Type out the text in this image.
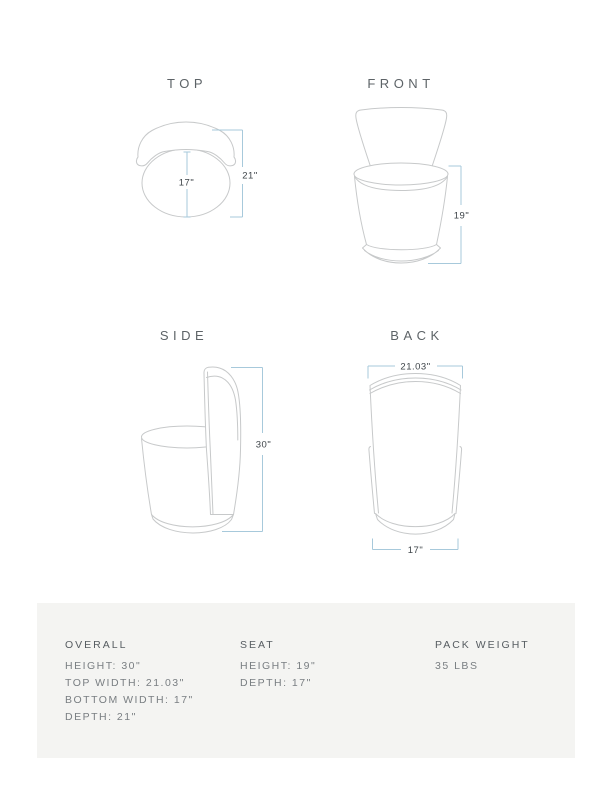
TOP	FRONT
SIDE	BACK
17"
21"
19"
30"
21.03"
17"
OVERALL
HEIGHT: 30"
TOP WIDTH: 21.03"
BOTTOM WIDTH: 17"
DEPTH: 21"
SEAT
HEIGHT: 19"
DEPTH: 17"
PACK WEIGHT
35 LBS
